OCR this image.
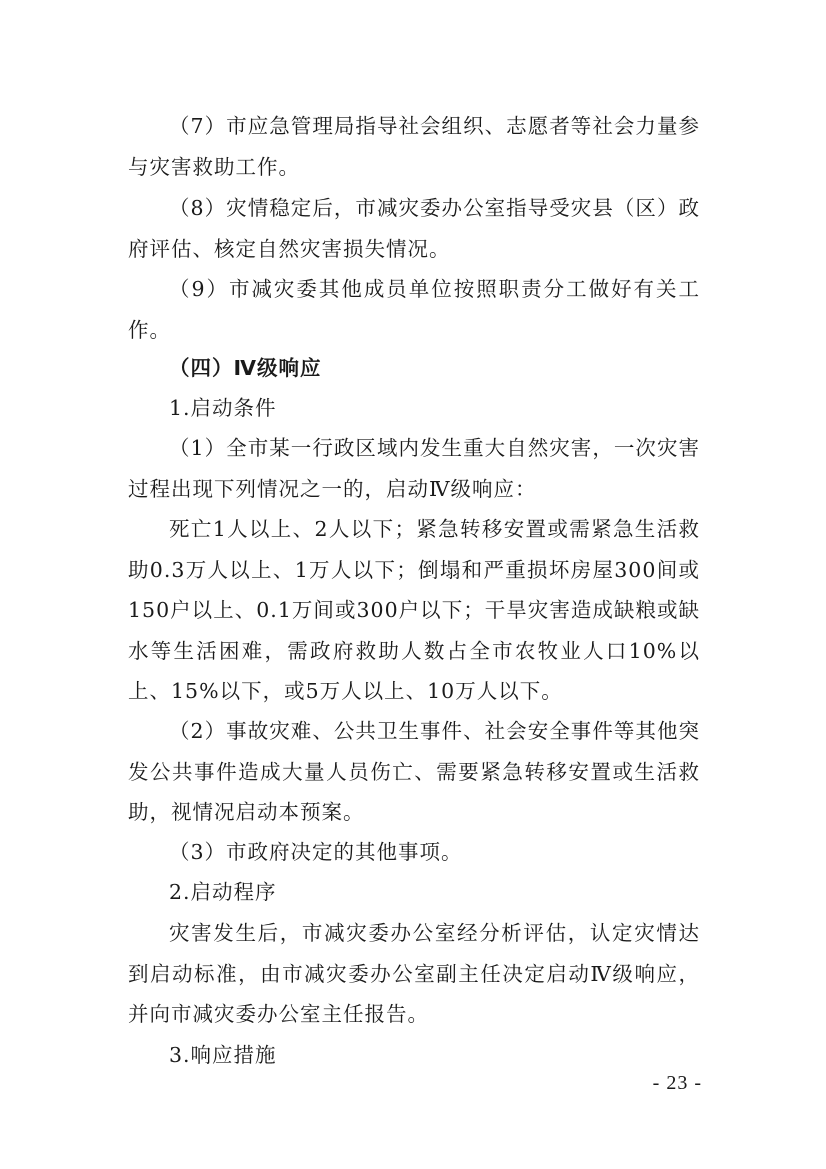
（7）市应急管理局指导社会组织、志愿者等社会力量参与灾害救助工作。

（8）灾情稳定后，市减灾委办公室指导受灾县（区）政府评估、核定自然灾害损失情况。

（9）市减灾委其他成员单位按照职责分工做好有关工作。

（四）Ⅳ级响应

1.启动条件

（1）全市某一行政区域内发生重大自然灾害，一次灾害过程出现下列情况之一的，启动Ⅳ级响应：

死亡1人以上、2人以下；紧急转移安置或需紧急生活救助0.3万人以上、1万人以下；倒塌和严重损坏房屋300间或150户以上、0.1万间或300户以下；干旱灾害造成缺粮或缺水等生活困难，需政府救助人数占全市农牧业人口10%以上、15%以下，或5万人以上、10万人以下。

（2）事故灾难、公共卫生事件、社会安全事件等其他突发公共事件造成大量人员伤亡、需要紧急转移安置或生活救助，视情况启动本预案。

（3）市政府决定的其他事项。

2.启动程序

灾害发生后，市减灾委办公室经分析评估，认定灾情达到启动标准，由市减灾委办公室副主任决定启动Ⅳ级响应，并向市减灾委办公室主任报告。

3.响应措施

- 23 -
